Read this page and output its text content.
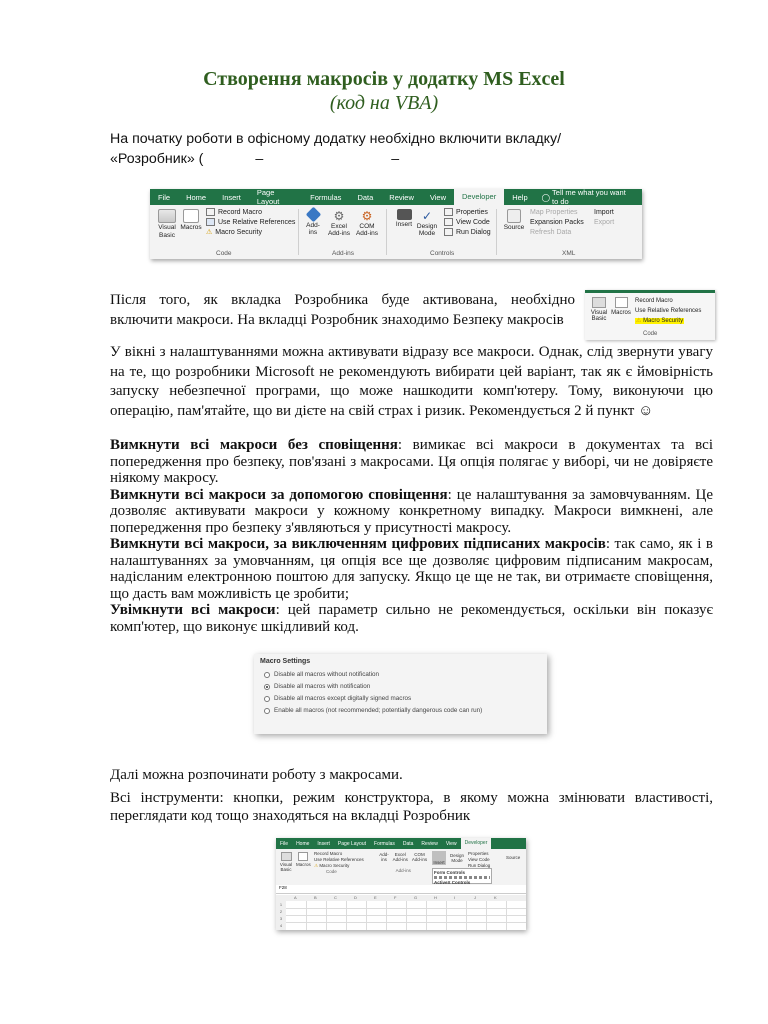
Створення макросів у додатку MS Excel
(код на VBA)
На початку роботи в офісному додатку необхідно включити вкладку/
«Розробник» (	–	–
File	Home	Insert	Page Layout	Formulas	Data	Review	View	Developer	Help	◯ Tell me what you want to do
Visual Basic
Macros
Record Macro
Use Relative References
⚠ Macro Security
Code
Add-ins
⚙
Excel Add-ins
⚙
COM Add-ins
Add-ins
Insert
✓
Design Mode
Properties
View Code
Run Dialog
Controls
Source
Map Properties
Expansion Packs
Refresh Data
Import
Export
XML
Після того, як вкладка Розробника буде активована, необхідно
включити макроси. На вкладці Розробник знаходимо Безпеку макросів	Visual Basic
Macros
Record Macro
Use Relative References
⚠ Macro Security
Code
У вікні з налаштуваннями можна активувати відразу все макроси. Однак, слід звернути увагу на те, що розробники Microsoft не рекомендують вибирати цей варіант, так як є ймовірність запуску небезпечної програми, що може нашкодити комп'ютеру. Тому, виконуючи цю операцію, пам'ятайте, що ви дієте на свій страх і ризик. Рекомендується 2 й пункт ☺
Вимкнути всі макроси без сповіщення: вимикає всі макроси в документах та всі попередження про безпеку, пов'язані з макросами. Ця опція полягає у виборі, чи не довіряєте ніякому макросу.
Вимкнути всі макроси за допомогою сповіщення: це налаштування за замовчуванням. Це дозволяє активувати макроси у кожному конкретному випадку. Макроси вимкнені, але попередження про безпеку з'являються у присутності макросу.
Вимкнути всі макроси, за виключенням цифрових підписаних макросів: так само, як і в налаштуваннях за умовчанням, ця опція все ще дозволяє цифровим підписаним макросам, надісланим електронною поштою для запуску. Якщо це ще не так, ви отримаєте сповіщення, що дасть вам можливість це зробити;
Увімкнути всі макроси: цей параметр сильно не рекомендується, оскільки він показує комп'ютер, що виконує шкідливий код.
Macro Settings
Disable all macros without notification
Disable all macros with notification
Disable all macros except digitally signed macros
Enable all macros (not recommended; potentially dangerous code can run)
Далі можна розпочинати роботу з макросами.
Всі інструменти: кнопки, режим конструктора, в якому можна змінювати властивості, переглядати код тощо знаходяться на вкладці Розробник
File	Home	Insert	Page Layout	Formulas	Data	Review	View	Developer
Visual Basic
Macros
Record Macro
Use Relative References
⚠ Macro Security
Code
Add-ins Excel Add-ins COM Add-ins
Add-ins
Insert
Design Mode
Properties
View Code
Run Dialog
Source
Form Controls
ActiveX Controls
F28
A	B	C	D	E	F	G	H	I	J	K
1
2
3
4
